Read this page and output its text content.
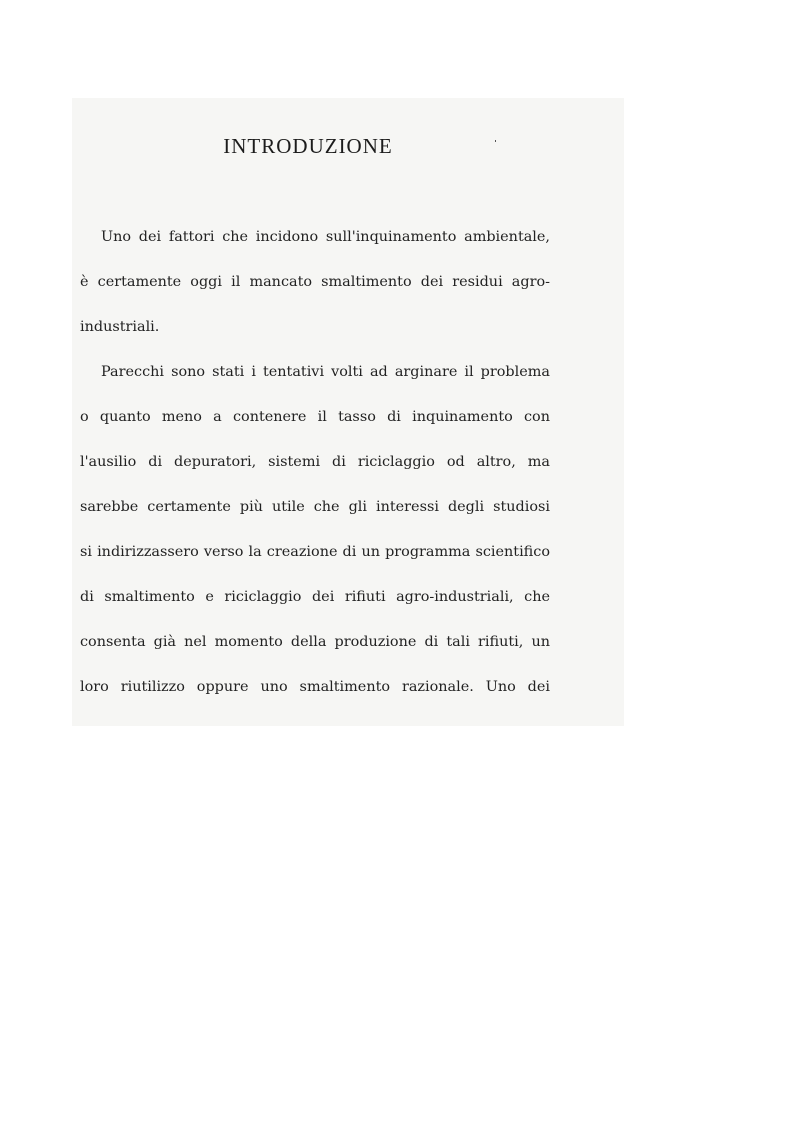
INTRODUZIONE
Uno dei fattori che incidono sull'inquinamento ambientale,
è certamente oggi il mancato smaltimento dei residui agro-
industriali.
Parecchi sono stati i tentativi volti ad arginare il problema
o quanto meno a contenere il tasso di inquinamento con
l'ausilio di depuratori, sistemi di riciclaggio od altro, ma
sarebbe certamente più utile che gli interessi degli studiosi
si indirizzassero verso la creazione di un programma scientifico
di smaltimento e riciclaggio dei rifiuti agro-industriali, che
consenta già nel momento della produzione di tali rifiuti, un
loro riutilizzo oppure uno smaltimento razionale. Uno dei
